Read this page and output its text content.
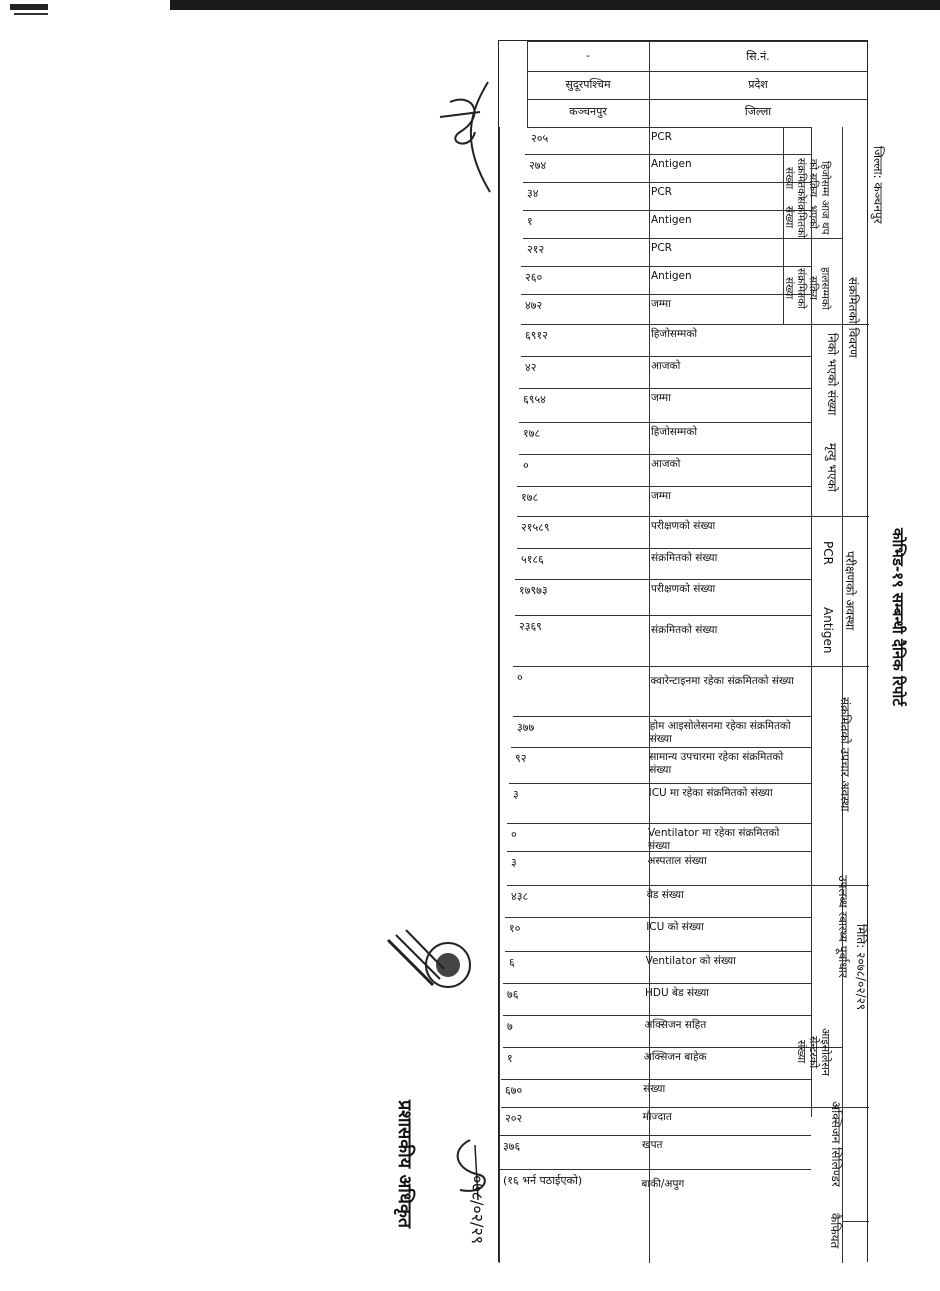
-	सि.नं.
सुदूरपश्चिम	प्रदेश
कञ्चनपुर	जिल्ला
२०५	PCR
२७४	Antigen
३४	PCR
१	Antigen
२१२	PCR
२६०	Antigen
४७२	जम्मा
६९१२	हिजोसम्मको
४२	आजको
६९५४	जम्मा
१७८	हिजोसम्मको
०	आजको
१७८	जम्मा
२१५८९	परीक्षणको संख्या
५१८६	संक्रमितको संख्या
१७९७३	परीक्षणको संख्या
२३६९	संक्रमितको संख्या
०	क्वारेन्टाइनमा रहेका संक्रमितको संख्या
३७७	होम आइसोलेसनमा रहेका संक्रमितको संख्या
९२	सामान्य उपचारमा रहेका संक्रमितको संख्या
३	ICU मा रहेका संक्रमितको संख्या
०	Ventilator मा रहेका संक्रमितको संख्या
३	अस्पताल संख्या
४३८	बेड संख्या
१०	ICU को संख्या
६	Ventilator को संख्या
७६	HDU बेड संख्या
७	अक्सिजन सहित
१	अक्सिजन बाहेक
६७०	संख्या
२०२	मौज्दात
३७६	खपत
(१६ भर्न पठाईएको)	बाकी/अपुग
हिजोसम्म
को सक्रिय
संक्रमितको
संख्या
आज थप
भएको
संक्रमितको
संख्या
हालसम्मको
सक्रिय
संक्रमितको
संख्या	संक्रमितको विवरण
निको भएको संख्या
मृत्यु भएको
PCR
Antigen परीक्षणको अवस्था
संक्रमितको उपचार अवस्था
उपलब्ध स्वास्थ्य पूर्वाधार
आइसोलेसन
सेन्टरको
संख्या
अक्सिजन सिलिण्डर
कैफियत
कोभिड-१९ सम्बन्धी दैनिक रिपोर्ट
जिल्ला: कञ्चनपुर
मिति: २०७८/०२/२९
प्रशासकीय अधिकृत	०७८/०२/२९
